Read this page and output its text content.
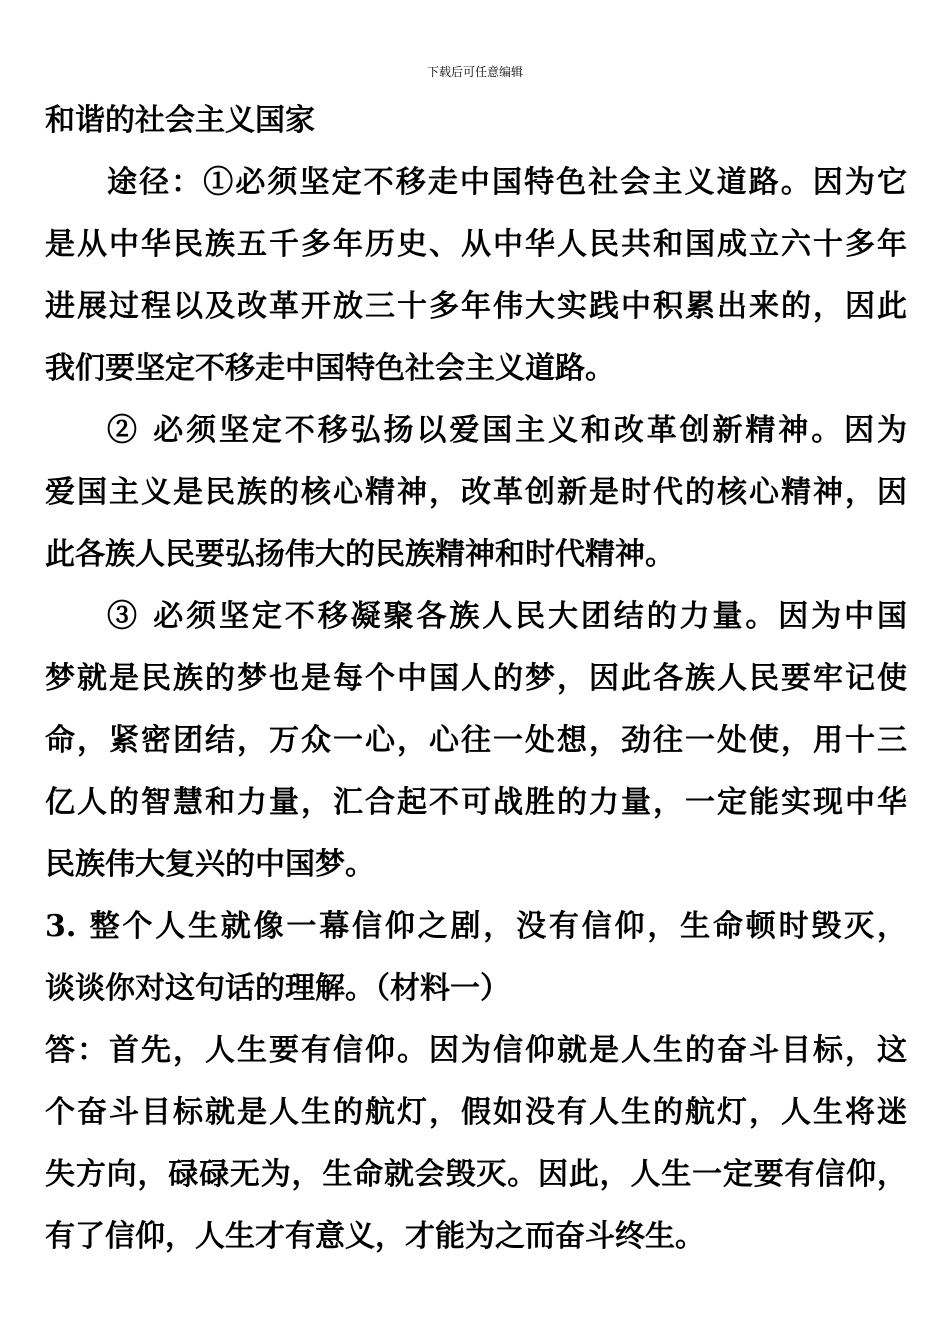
下载后可任意编辑
和谐的社会主义国家
途径：①必须坚定不移走中国特色社会主义道路。因为它
是从中华民族五千多年历史、从中华人民共和国成立六十多年
进展过程以及改革开放三十多年伟大实践中积累出来的，因此
我们要坚定不移走中国特色社会主义道路。
② 必须坚定不移弘扬以爱国主义和改革创新精神。因为
爱国主义是民族的核心精神，改革创新是时代的核心精神，因
此各族人民要弘扬伟大的民族精神和时代精神。
③ 必须坚定不移凝聚各族人民大团结的力量。因为中国
梦就是民族的梦也是每个中国人的梦，因此各族人民要牢记使
命，紧密团结，万众一心，心往一处想，劲往一处使，用十三
亿人的智慧和力量，汇合起不可战胜的力量，一定能实现中华
民族伟大复兴的中国梦。
3. 整个人生就像一幕信仰之剧，没有信仰，生命顿时毁灭，
谈谈你对这句话的理解。（材料一）
答：首先，人生要有信仰。因为信仰就是人生的奋斗目标，这
个奋斗目标就是人生的航灯，假如没有人生的航灯，人生将迷
失方向，碌碌无为，生命就会毁灭。因此，人生一定要有信仰，
有了信仰，人生才有意义，才能为之而奋斗终生。
